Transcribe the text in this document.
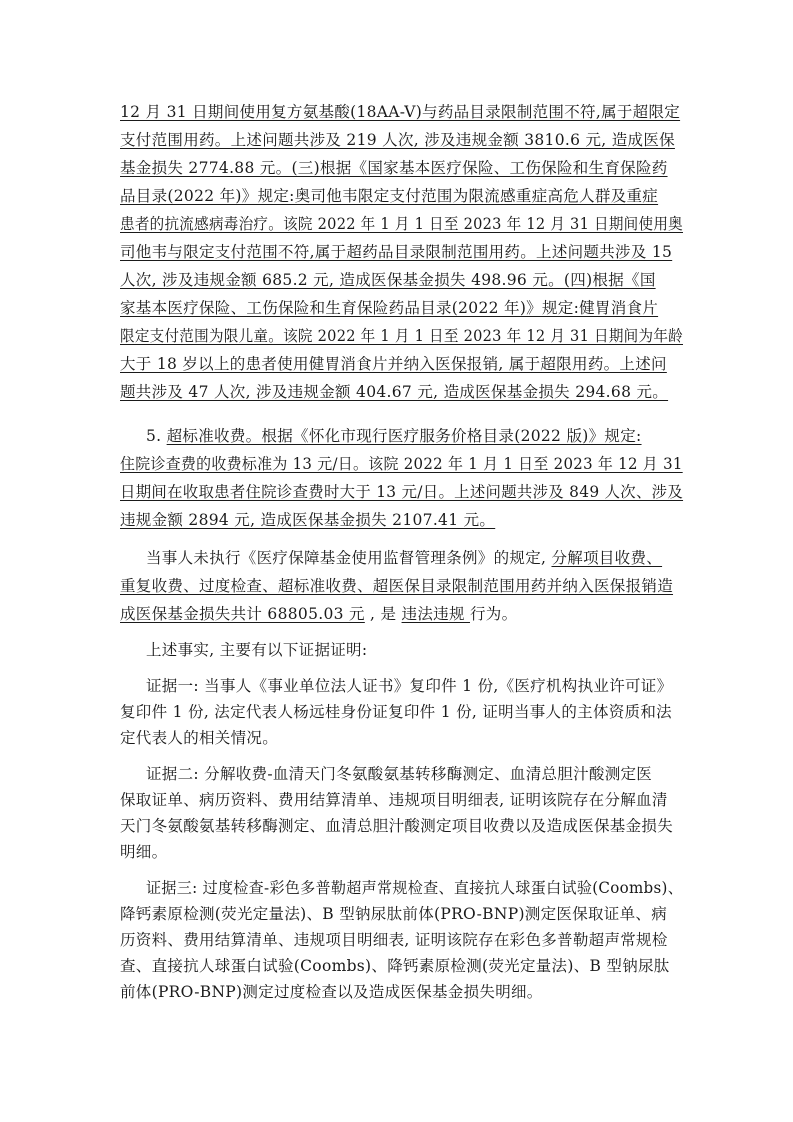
12 月 31 日期间使用复方氨基酸(18AA-V)与药品目录限制范围不符,属于超限定
支付范围用药。上述问题共涉及 219 人次, 涉及违规金额 3810.6 元, 造成医保
基金损失 2774.88 元。(三)根据《国家基本医疗保险、工伤保险和生育保险药
品目录(2022 年)》规定:奥司他韦限定支付范围为限流感重症高危人群及重症
患者的抗流感病毒治疗。该院 2022 年 1 月 1 日至 2023 年 12 月 31 日期间使用奥
司他韦与限定支付范围不符,属于超药品目录限制范围用药。上述问题共涉及 15
人次, 涉及违规金额 685.2 元, 造成医保基金损失 498.96 元。(四)根据《国
家基本医疗保险、工伤保险和生育保险药品目录(2022 年)》规定:健胃消食片
限定支付范围为限儿童。该院 2022 年 1 月 1 日至 2023 年 12 月 31 日期间为年龄
大于 18 岁以上的患者使用健胃消食片并纳入医保报销, 属于超限用药。上述问
题共涉及 47 人次, 涉及违规金额 404.67 元, 造成医保基金损失 294.68 元。
5. 超标准收费。根据《怀化市现行医疗服务价格目录(2022 版)》规定:
住院诊查费的收费标准为 13 元/日。该院 2022 年 1 月 1 日至 2023 年 12 月 31
日期间在收取患者住院诊查费时大于 13 元/日。上述问题共涉及 849 人次、涉及
违规金额 2894 元, 造成医保基金损失 2107.41 元。
当事人未执行《医疗保障基金使用监督管理条例》的规定, 分解项目收费、
重复收费、过度检查、超标准收费、超医保目录限制范围用药并纳入医保报销造
成医保基金损失共计 68805.03 元 , 是 违法违规 行为。
上述事实, 主要有以下证据证明:
证据一: 当事人《事业单位法人证书》复印件 1 份,《医疗机构执业许可证》
复印件 1 份, 法定代表人杨远桂身份证复印件 1 份, 证明当事人的主体资质和法
定代表人的相关情况。
证据二: 分解收费-血清天门冬氨酸氨基转移酶测定、血清总胆汁酸测定医
保取证单、病历资料、费用结算清单、违规项目明细表, 证明该院存在分解血清
天门冬氨酸氨基转移酶测定、血清总胆汁酸测定项目收费以及造成医保基金损失
明细。
证据三: 过度检查-彩色多普勒超声常规检查、直接抗人球蛋白试验(Coombs)、
降钙素原检测(荧光定量法)、B 型钠尿肽前体(PRO-BNP)测定医保取证单、病
历资料、费用结算清单、违规项目明细表, 证明该院存在彩色多普勒超声常规检
查、直接抗人球蛋白试验(Coombs)、降钙素原检测(荧光定量法)、B 型钠尿肽
前体(PRO-BNP)测定过度检查以及造成医保基金损失明细。
